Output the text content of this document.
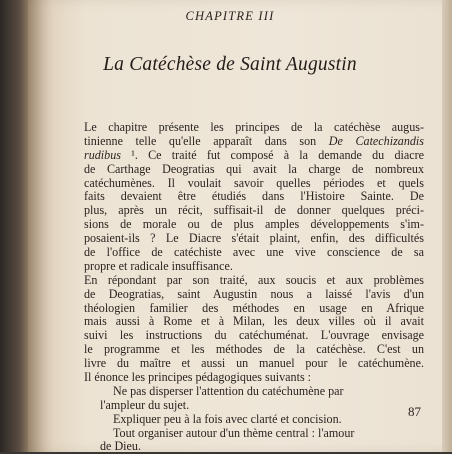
CHAPITRE III
La Catéchèse de Saint Augustin
Le chapitre présente les principes de la catéchèse augus-
tinienne telle qu'elle apparaît dans son De Catechizandis
rudibus ¹. Ce traité fut composé à la demande du diacre
de Carthage Deogratias qui avait la charge de nombreux
catéchumènes. Il voulait savoir quelles périodes et quels
faits devaient être étudiés dans l'Histoire Sainte. De
plus, après un récit, suffisait-il de donner quelques préci-
sions de morale ou de plus amples développements s'im-
posaient-ils ? Le Diacre s'était plaint, enfin, des difficultés
de l'office de catéchiste avec une vive conscience de sa
propre et radicale insuffisance.
En répondant par son traité, aux soucis et aux problèmes
de Deogratias, saint Augustin nous a laissé l'avis d'un
théologien familier des méthodes en usage en Afrique
mais aussi à Rome et à Milan, les deux villes où il avait
suivi les instructions du catéchuménat. L'ouvrage envisage
le programme et les méthodes de la catéchèse. C'est un
livre du maître et aussi un manuel pour le catéchumène.
Il énonce les principes pédagogiques suivants :
Ne pas disperser l'attention du catéchumène par
l'ampleur du sujet.
Expliquer peu à la fois avec clarté et concision.
Tout organiser autour d'un thème central : l'amour
de Dieu.
87
